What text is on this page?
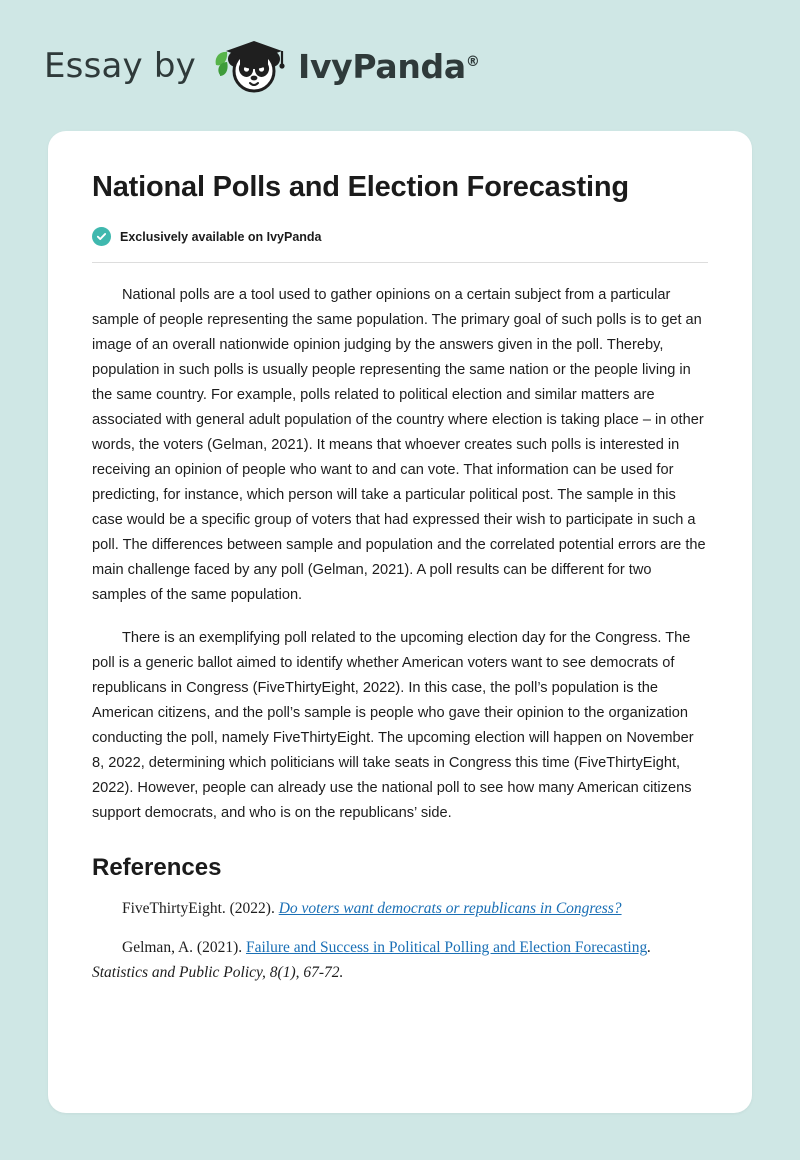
Essay by	IvyPanda®
National Polls and Election Forecasting
Exclusively available on IvyPanda

National polls are a tool used to gather opinions on a certain subject from a particular sample of people representing the same population. The primary goal of such polls is to get an image of an overall nationwide opinion judging by the answers given in the poll. Thereby, population in such polls is usually people representing the same nation or the people living in the same country. For example, polls related to political election and similar matters are associated with general adult population of the country where election is taking place – in other words, the voters (Gelman, 2021). It means that whoever creates such polls is interested in receiving an opinion of people who want to and can vote. That information can be used for predicting, for instance, which person will take a particular political post. The sample in this case would be a specific group of voters that had expressed their wish to participate in such a poll. The differences between sample and population and the correlated potential errors are the main challenge faced by any poll (Gelman, 2021). A poll results can be different for two samples of the same population.

There is an exemplifying poll related to the upcoming election day for the Congress. The poll is a generic ballot aimed to identify whether American voters want to see democrats of republicans in Congress (FiveThirtyEight, 2022). In this case, the poll’s population is the American citizens, and the poll’s sample is people who gave their opinion to the organization conducting the poll, namely FiveThirtyEight. The upcoming election will happen on November 8, 2022, determining which politicians will take seats in Congress this time (FiveThirtyEight, 2022). However, people can already use the national poll to see how many American citizens support democrats, and who is on the republicans’ side.

References

FiveThirtyEight. (2022). Do voters want democrats or republicans in Congress?

Gelman, A. (2021). Failure and Success in Political Polling and Election Forecasting. Statistics and Public Policy, 8(1), 67-72.
